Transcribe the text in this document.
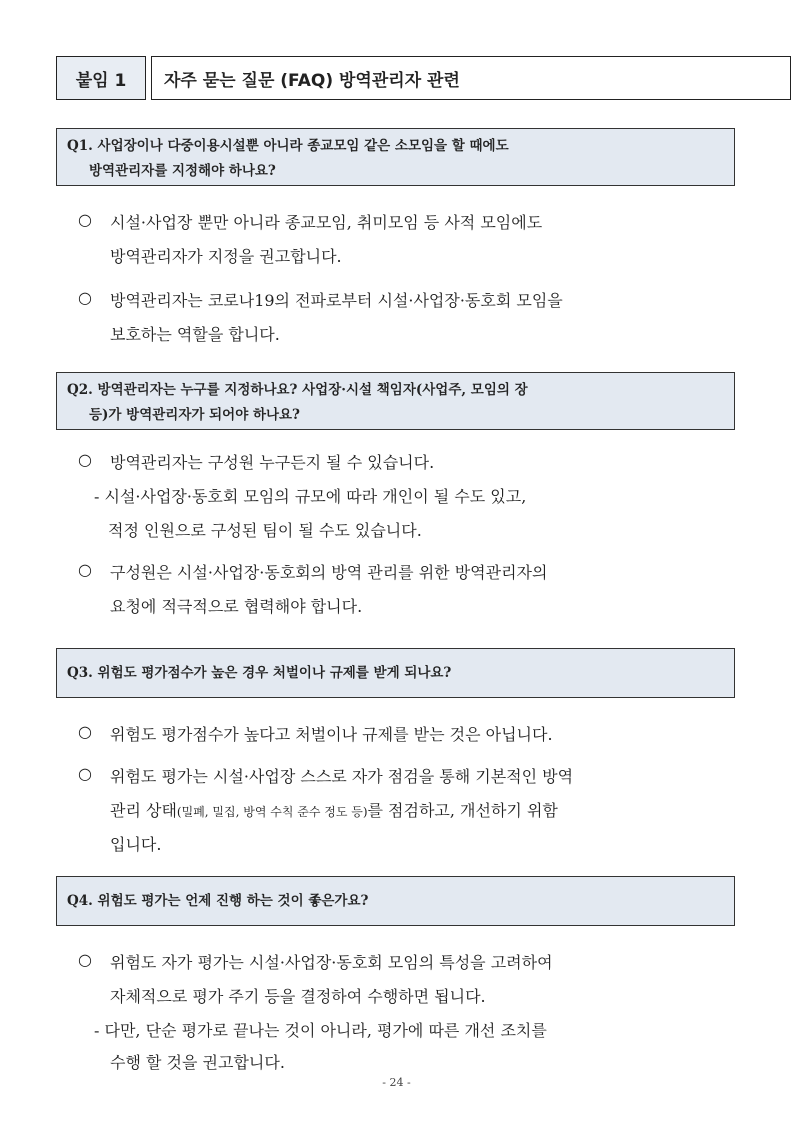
붙임 1	자주 묻는 질문 (FAQ) 방역관리자 관련
Q1. 사업장이나 다중이용시설뿐 아니라 종교모임 같은 소모임을 할 때에도
방역관리자를 지정해야 하나요?
○ 시설·사업장 뿐만 아니라 종교모임, 취미모임 등 사적 모임에도
방역관리자가 지정을 권고합니다.
○ 방역관리자는 코로나19의 전파로부터 시설·사업장·동호회 모임을
보호하는 역할을 합니다.
Q2. 방역관리자는 누구를 지정하나요? 사업장·시설 책임자(사업주, 모임의 장
등)가 방역관리자가 되어야 하나요?
○ 방역관리자는 구성원 누구든지 될 수 있습니다.
- 시설·사업장·동호회 모임의 규모에 따라 개인이 될 수도 있고,
적정 인원으로 구성된 팀이 될 수도 있습니다.
○ 구성원은 시설·사업장·동호회의 방역 관리를 위한 방역관리자의
요청에 적극적으로 협력해야 합니다.
Q3. 위험도 평가점수가 높은 경우 처벌이나 규제를 받게 되나요?
○ 위험도 평가점수가 높다고 처벌이나 규제를 받는 것은 아닙니다.
○ 위험도 평가는 시설·사업장 스스로 자가 점검을 통해 기본적인 방역
관리 상태(밀폐, 밀집, 방역 수칙 준수 정도 등)를 점검하고, 개선하기 위함
입니다.
Q4. 위험도 평가는 언제 진행 하는 것이 좋은가요?
○ 위험도 자가 평가는 시설·사업장·동호회 모임의 특성을 고려하여
자체적으로 평가 주기 등을 결정하여 수행하면 됩니다.
- 다만, 단순 평가로 끝나는 것이 아니라, 평가에 따른 개선 조치를
수행 할 것을 권고합니다.
- 24 -
